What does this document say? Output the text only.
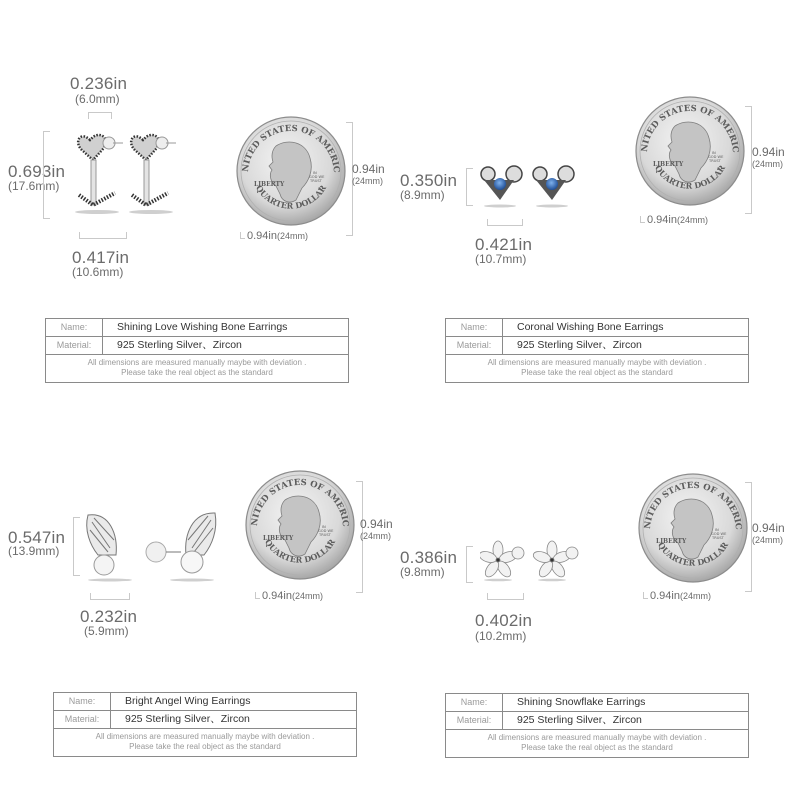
0.236in
(6.0mm)
0.693in
(17.6mm)
0.417in
(10.6mm)
0.94in
(24mm)
0.94in(24mm)
Name:	Shining Love Wishing Bone Earrings
Material:	925 Sterling Silver、Zircon
All dimensions are measured manually maybe with deviation .
Please take the real object as the standard
0.350in
(8.9mm)
0.421in
(10.7mm)
0.94in
(24mm)
0.94in(24mm)
Name:	Coronal Wishing Bone Earrings
Material:	925 Sterling Silver、Zircon
All dimensions are measured manually maybe with deviation .
Please take the real object as the standard
0.547in
(13.9mm)
0.232in
(5.9mm)
0.94in
(24mm)
0.94in(24mm)
Name:	Bright Angel Wing Earrings
Material:	925 Sterling Silver、Zircon
All dimensions are measured manually maybe with deviation .
Please take the real object as the standard
0.386in
(9.8mm)
0.402in
(10.2mm)
0.94in
(24mm)
0.94in(24mm)
Name:	Shining Snowflake Earrings
Material:	925 Sterling Silver、Zircon
All dimensions are measured manually maybe with deviation .
Please take the real object as the standard
